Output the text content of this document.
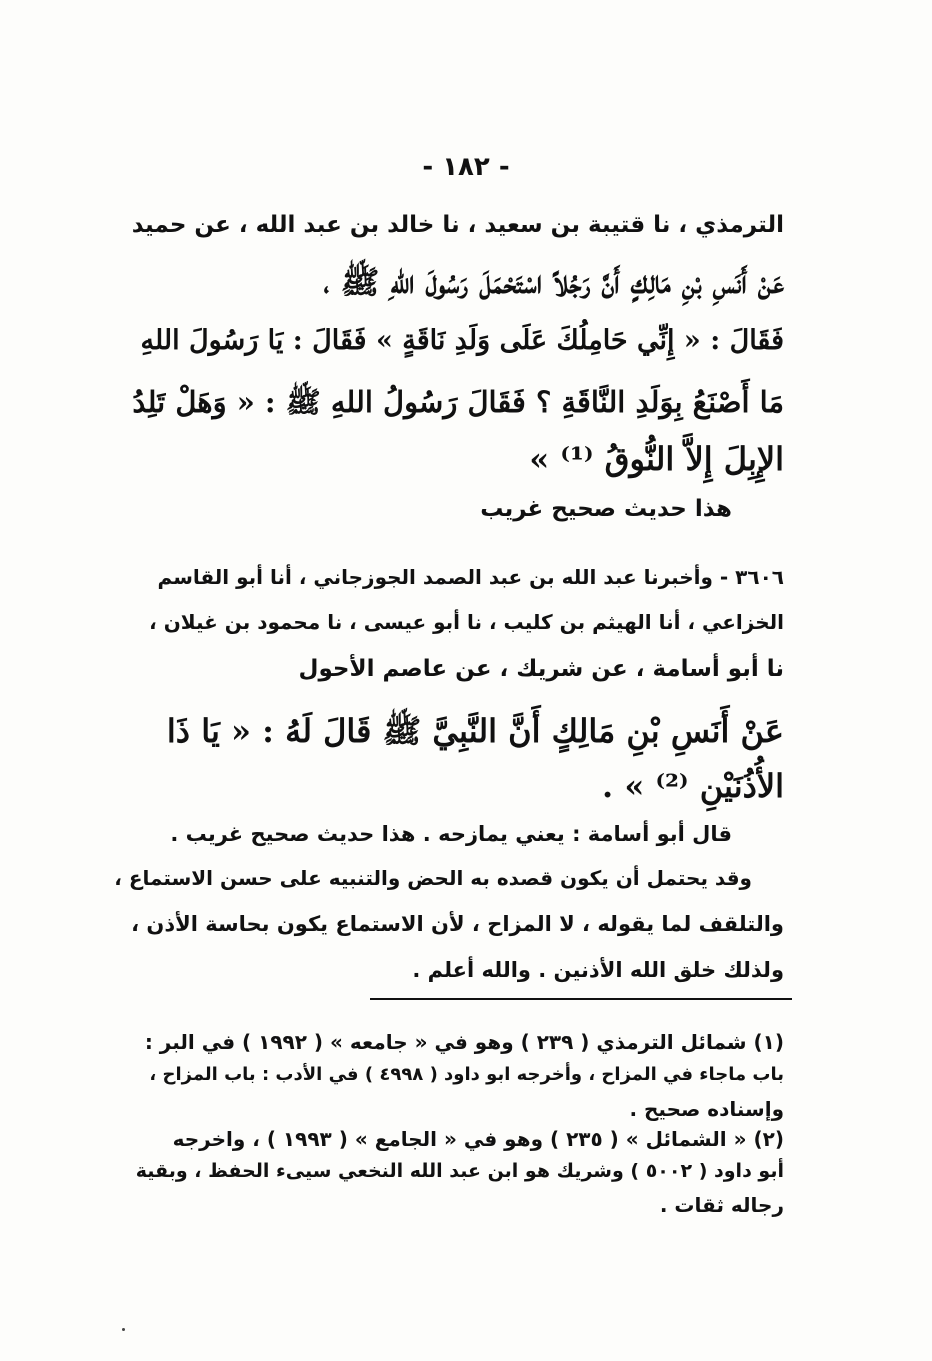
- ١٨٢ -
الترمذي ، نا قتيبة بن سعيد ، نا خالد بن عبد الله ، عن حميد
عَنْ أَنَسِ بْنِ مَالِكٍ أَنَّ رَجُلاً اسْتَحْمَلَ رَسُولَ اللهِ ﷺ ،
فَقَالَ : « إِنِّي حَامِلُكَ عَلَى وَلَدِ نَاقَةٍ » فَقَالَ : يَا رَسُولَ اللهِ
مَا أَصْنَعُ بِوَلَدِ النَّاقَةِ ؟ فَقَالَ رَسُولُ اللهِ ﷺ : « وَهَلْ تَلِدُ
الإِبِلَ إِلاَّ النُّوقُ ⁽¹⁾ »
هذا حديث صحيح غريب
٣٦٠٦ - وأخبرنا عبد الله بن عبد الصمد الجوزجاني ، أنا أبو القاسم
الخزاعي ، أنا الهيثم بن كليب ، نا أبو عيسى ، نا محمود بن غيلان ،
نا أبو أسامة ، عن شريك ، عن عاصم الأحول
عَنْ أَنَسِ بْنِ مَالِكٍ أَنَّ النَّبِيَّ ﷺ قَالَ لَهُ : « يَا ذَا
الأُذُنَيْنِ ⁽²⁾ » .
قال أبو أسامة : يعني يمازحه . هذا حديث صحيح غريب .
وقد يحتمل أن يكون قصده به الحض والتنبيه على حسن الاستماع ،
والتلقف لما يقوله ، لا المزاح ، لأن الاستماع يكون بحاسة الأذن ،
ولذلك خلق الله الأذنين . والله أعلم .
(١) شمائل الترمذي ( ٢٣٩ ) وهو في « جامعه » ( ١٩٩٢ ) في البر :
باب ماجاء في المزاح ، وأخرجه ابو داود ( ٤٩٩٨ ) في الأدب : باب المزاح ،
وإسناده صحيح .
(٢) « الشمائل » ( ٢٣٥ ) وهو في « الجامع » ( ١٩٩٣ ) ، واخرجه
أبو داود ( ٥٠٠٢ ) وشريك هو ابن عبد الله النخعي سيىء الحفظ ، وبقية
رجاله ثقات .
